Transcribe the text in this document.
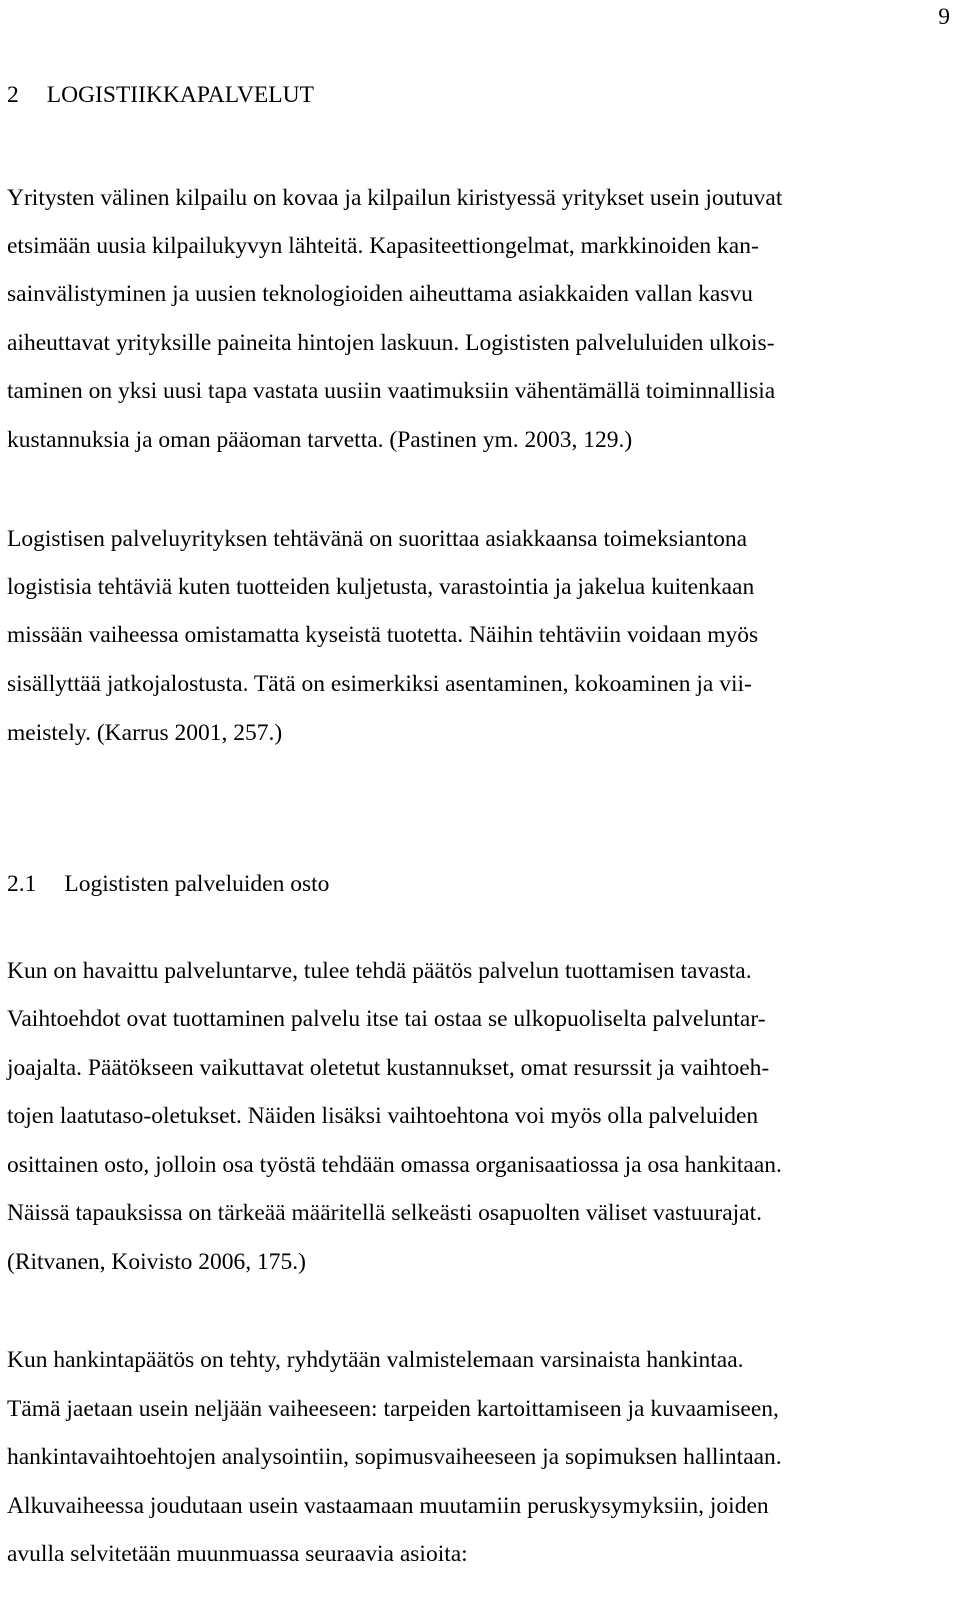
9
2 LOGISTIIKKAPALVELUT
Yritysten välinen kilpailu on kovaa ja kilpailun kiristyessä yritykset usein joutuvat
etsimään uusia kilpailukyvyn lähteitä. Kapasiteettiongelmat, markkinoiden kan-
sainvälistyminen ja uusien teknologioiden aiheuttama asiakkaiden vallan kasvu
aiheuttavat yrityksille paineita hintojen laskuun. Logististen palveluluiden ulkois-
taminen on yksi uusi tapa vastata uusiin vaatimuksiin vähentämällä toiminnallisia
kustannuksia ja oman pääoman tarvetta. (Pastinen ym. 2003, 129.)
Logistisen palveluyrityksen tehtävänä on suorittaa asiakkaansa toimeksiantona
logistisia tehtäviä kuten tuotteiden kuljetusta, varastointia ja jakelua kuitenkaan
missään vaiheessa omistamatta kyseistä tuotetta. Näihin tehtäviin voidaan myös
sisällyttää jatkojalostusta. Tätä on esimerkiksi asentaminen, kokoaminen ja vii-
meistely. (Karrus 2001, 257.)
2.1 Logististen palveluiden osto
Kun on havaittu palveluntarve, tulee tehdä päätös palvelun tuottamisen tavasta.
Vaihtoehdot ovat tuottaminen palvelu itse tai ostaa se ulkopuoliselta palveluntar-
joajalta. Päätökseen vaikuttavat oletetut kustannukset, omat resurssit ja vaihtoeh-
tojen laatutaso-oletukset. Näiden lisäksi vaihtoehtona voi myös olla palveluiden
osittainen osto, jolloin osa työstä tehdään omassa organisaatiossa ja osa hankitaan.
Näissä tapauksissa on tärkeää määritellä selkeästi osapuolten väliset vastuurajat.
(Ritvanen, Koivisto 2006, 175.)
Kun hankintapäätös on tehty, ryhdytään valmistelemaan varsinaista hankintaa.
Tämä jaetaan usein neljään vaiheeseen: tarpeiden kartoittamiseen ja kuvaamiseen,
hankintavaihtoehtojen analysointiin, sopimusvaiheeseen ja sopimuksen hallintaan.
Alkuvaiheessa joudutaan usein vastaamaan muutamiin peruskysymyksiin, joiden
avulla selvitetään muunmuassa seuraavia asioita:
